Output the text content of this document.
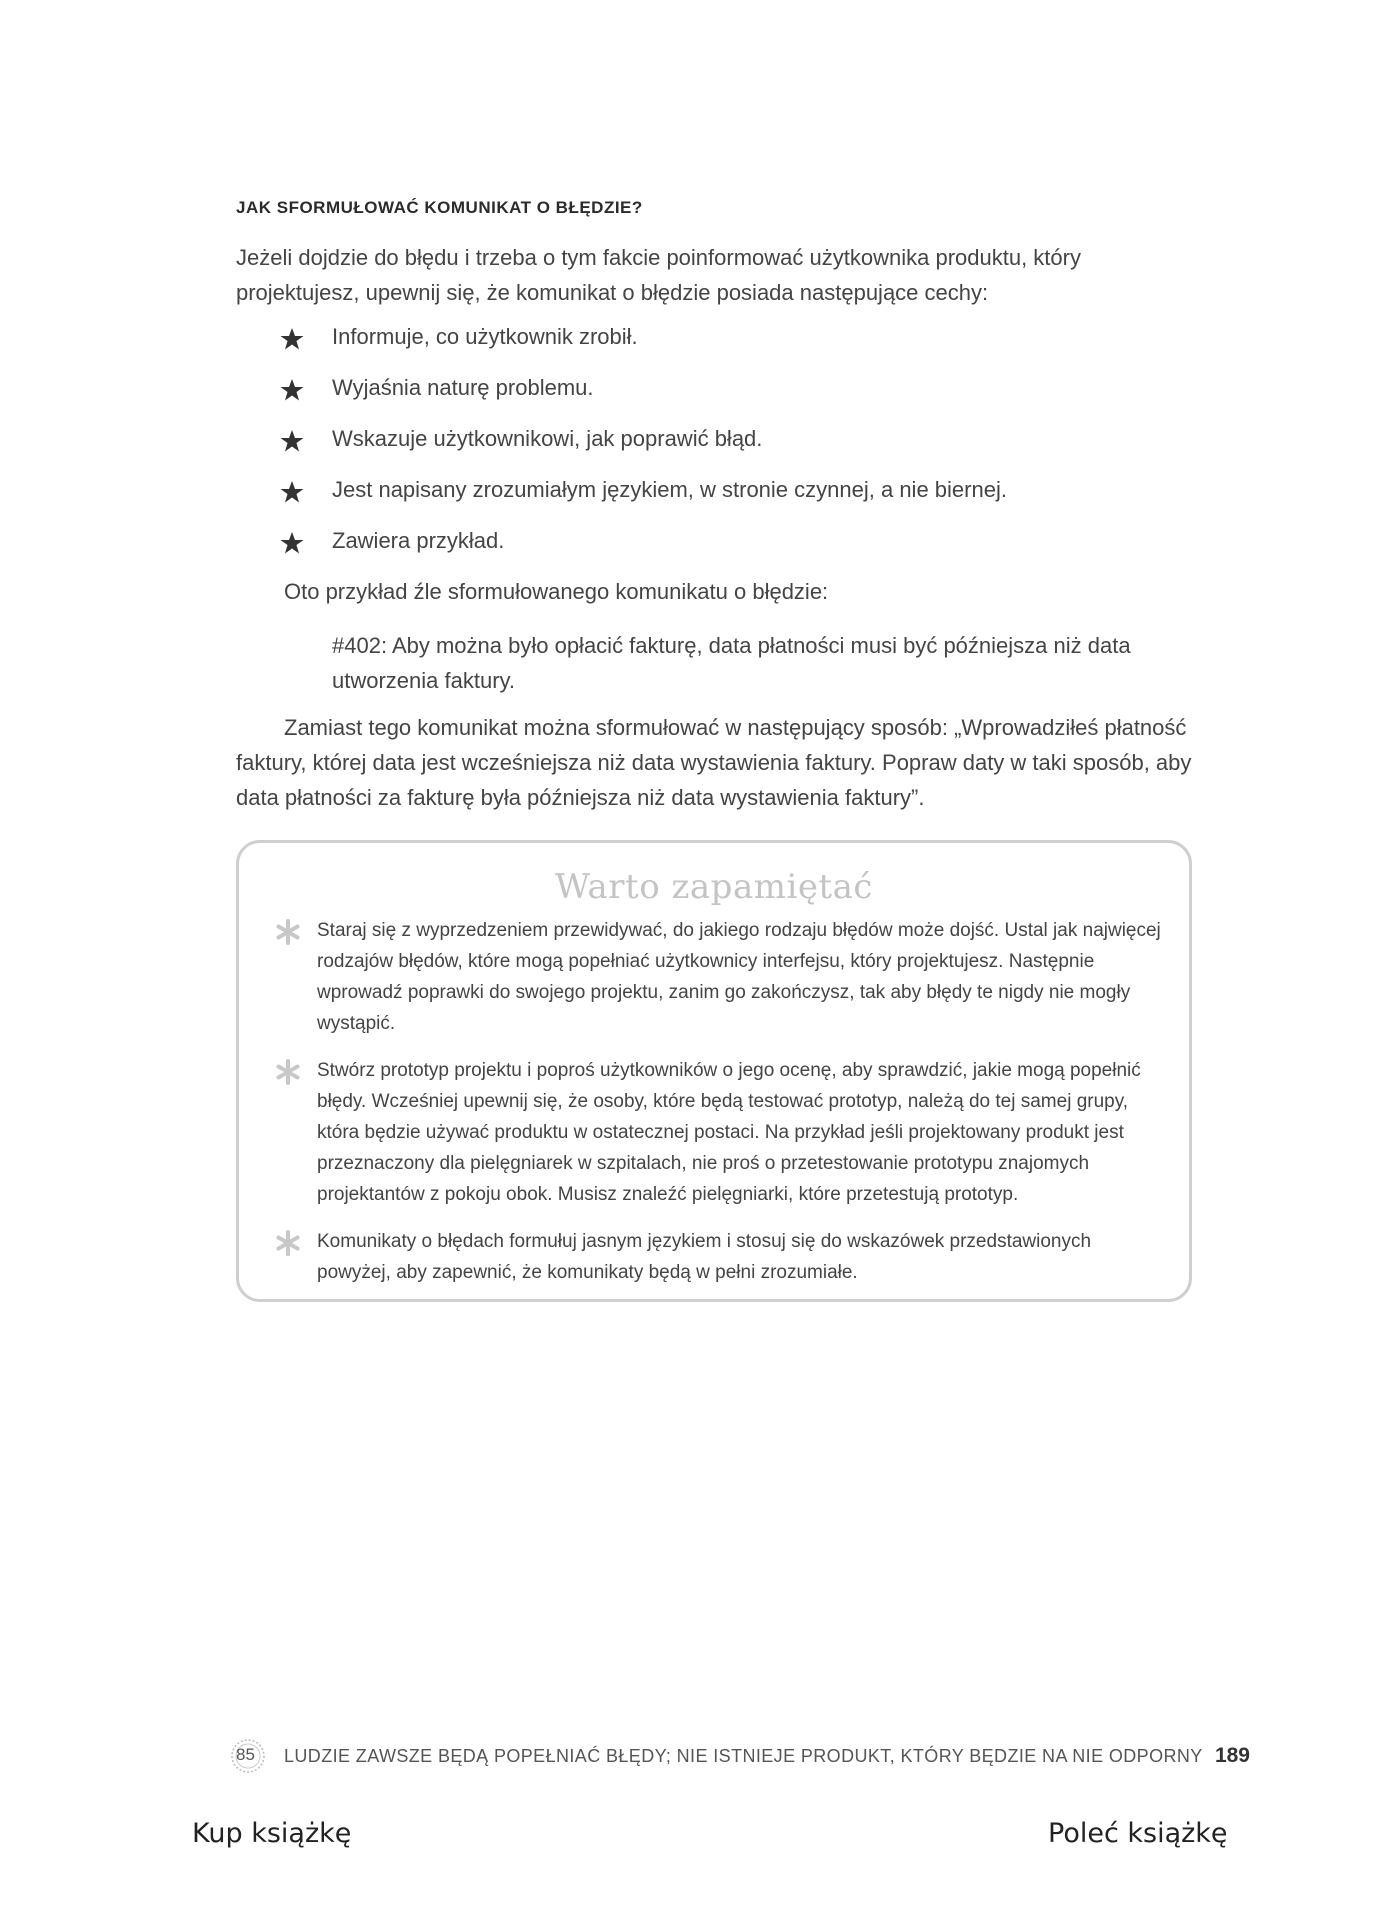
JAK SFORMUŁOWAĆ KOMUNIKAT O BŁĘDZIE?
Jeżeli dojdzie do błędu i trzeba o tym fakcie poinformować użytkownika produktu, który projektujesz, upewnij się, że komunikat o błędzie posiada następujące cechy:
Informuje, co użytkownik zrobił.
Wyjaśnia naturę problemu.
Wskazuje użytkownikowi, jak poprawić błąd.
Jest napisany zrozumiałym językiem, w stronie czynnej, a nie biernej.
Zawiera przykład.
Oto przykład źle sformułowanego komunikatu o błędzie:
#402: Aby można było opłacić fakturę, data płatności musi być późniejsza niż data utworzenia faktury.
Zamiast tego komunikat można sformułować w następujący sposób: „Wprowadziłeś płatność faktury, której data jest wcześniejsza niż data wystawienia faktury. Popraw daty w taki sposób, aby data płatności za fakturę była późniejsza niż data wystawienia faktury”.
Warto zapamiętać
Staraj się z wyprzedzeniem przewidywać, do jakiego rodzaju błędów może dojść. Ustal jak najwięcej rodzajów błędów, które mogą popełniać użytkownicy interfejsu, który projektujesz. Następnie wprowadź poprawki do swojego projektu, zanim go zakończysz, tak aby błędy te nigdy nie mogły wystąpić.
Stwórz prototyp projektu i poproś użytkowników o jego ocenę, aby sprawdzić, jakie mogą popełnić błędy. Wcześniej upewnij się, że osoby, które będą testować prototyp, należą do tej samej grupy, która będzie używać produktu w ostatecznej postaci. Na przykład jeśli projektowany produkt jest przeznaczony dla pielęgniarek w szpitalach, nie proś o przetestowanie prototypu znajomych projektantów z pokoju obok. Musisz znaleźć pielęgniarki, które przetestują prototyp.
Komunikaty o błędach formułuj jasnym językiem i stosuj się do wskazówek przedstawionych powyżej, aby zapewnić, że komunikaty będą w pełni zrozumiałe.
85 LUDZIE ZAWSZE BĘDĄ POPEŁNIAĆ BŁĘDY; NIE ISTNIEJE PRODUKT, KTÓRY BĘDZIE NA NIE ODPORNY 189
Kup książkę	Poleć książkę
